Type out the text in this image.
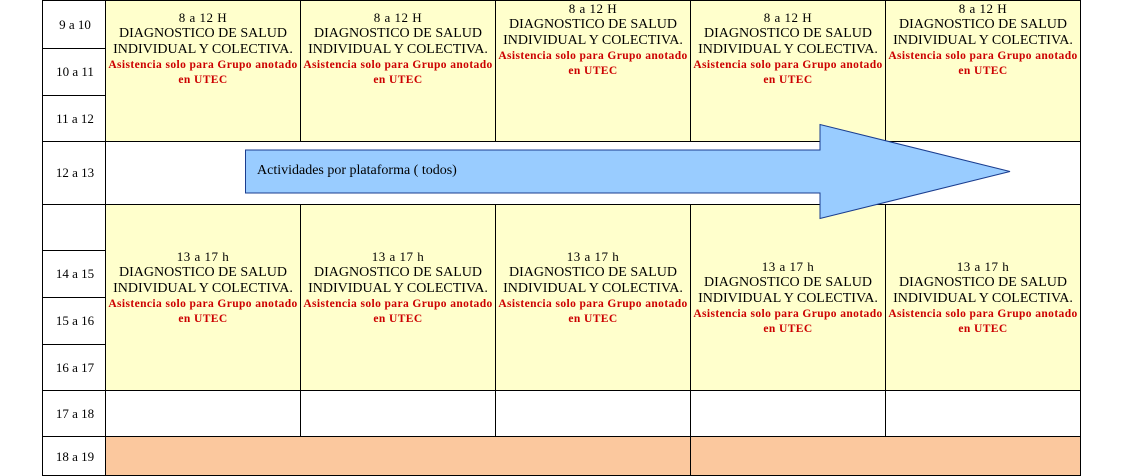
9 a 10
10 a 11
11 a 12
12 a 13
14 a 15
15 a 16
16 a 17
17 a 18
18 a 19
8 a 12 H
DIAGNOSTICO DE SALUD INDIVIDUAL Y COLECTIVA.
Asistencia solo para Grupo anotado en UTEC
8 a 12 H
DIAGNOSTICO DE SALUD INDIVIDUAL Y COLECTIVA.
Asistencia solo para Grupo anotado en UTEC
8 a 12 H
DIAGNOSTICO DE SALUD INDIVIDUAL Y COLECTIVA.
Asistencia solo para Grupo anotado en UTEC
8 a 12 H
DIAGNOSTICO DE SALUD INDIVIDUAL Y COLECTIVA.
Asistencia solo para Grupo anotado en UTEC
8 a 12 H
DIAGNOSTICO DE SALUD INDIVIDUAL Y COLECTIVA.
Asistencia solo para Grupo anotado en UTEC
13 a 17 h
DIAGNOSTICO DE SALUD INDIVIDUAL Y COLECTIVA.
Asistencia solo para Grupo anotado en UTEC
13 a 17 h
DIAGNOSTICO DE SALUD INDIVIDUAL Y COLECTIVA.
Asistencia solo para Grupo anotado en UTEC
13 a 17 h
DIAGNOSTICO DE SALUD INDIVIDUAL Y COLECTIVA.
Asistencia solo para Grupo anotado en UTEC
13 a 17 h
DIAGNOSTICO DE SALUD INDIVIDUAL Y COLECTIVA.
Asistencia solo para Grupo anotado en UTEC
13 a 17 h
DIAGNOSTICO DE SALUD INDIVIDUAL Y COLECTIVA.
Asistencia solo para Grupo anotado en UTEC
Actividades por plataforma ( todos)
